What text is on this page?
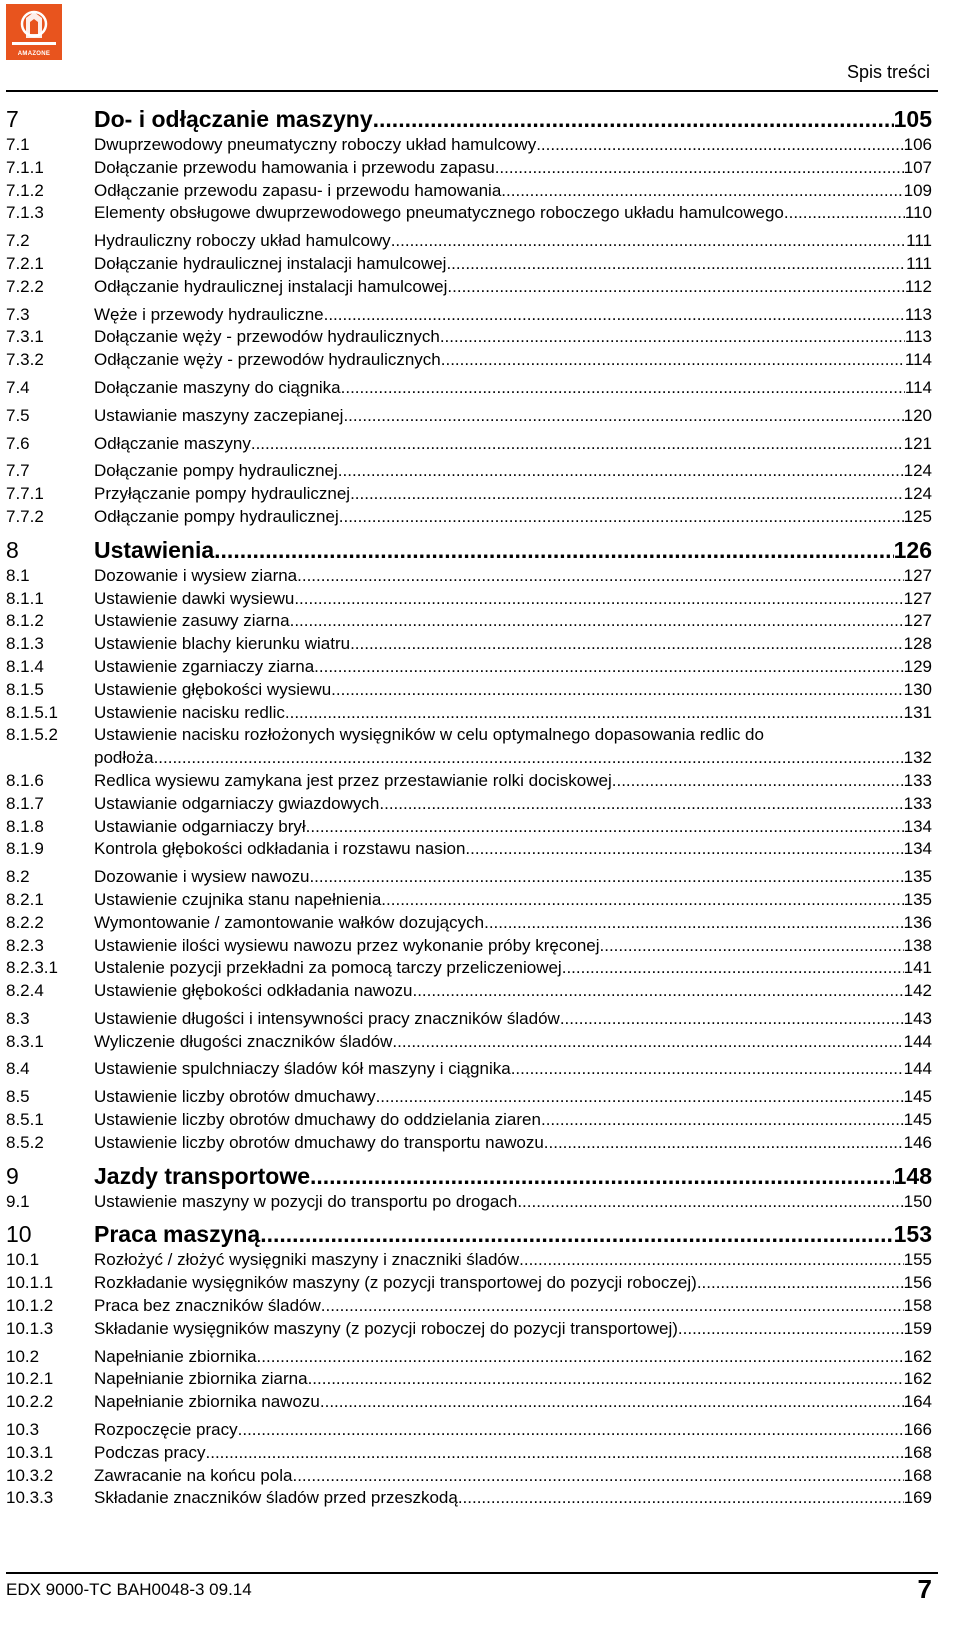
AMAZONE
Spis treści
7	Do- i odłączanie maszyny .....	105
7.1	Dwuprzewodowy pneumatyczny roboczy układ hamulcowy .....	106
7.1.1	Dołączanie przewodu hamowania i przewodu zapasu .....	107
7.1.2	Odłączanie przewodu zapasu- i przewodu hamowania .....	109
7.1.3	Elementy obsługowe dwuprzewodowego pneumatycznego roboczego układu hamulcowego .....	110
7.2	Hydrauliczny roboczy układ hamulcowy .....	111
7.2.1	Dołączanie hydraulicznej instalacji hamulcowej .....	111
7.2.2	Odłączanie hydraulicznej instalacji hamulcowej .....	112
7.3	Węże i przewody hydrauliczne .....	113
7.3.1	Dołączanie węży - przewodów hydraulicznych .....	113
7.3.2	Odłączanie węży - przewodów hydraulicznych .....	114
7.4	Dołączanie maszyny do ciągnika .....	114
7.5	Ustawianie maszyny zaczepianej .....	120
7.6	Odłączanie maszyny .....	121
7.7	Dołączanie pompy hydraulicznej .....	124
7.7.1	Przyłączanie pompy hydraulicznej .....	124
7.7.2	Odłączanie pompy hydraulicznej .....	125
8	Ustawienia .....	126
8.1	Dozowanie i wysiew ziarna .....	127
8.1.1	Ustawienie dawki wysiewu .....	127
8.1.2	Ustawienie zasuwy ziarna .....	127
8.1.3	Ustawienie blachy kierunku wiatru .....	128
8.1.4	Ustawienie zgarniaczy ziarna .....	129
8.1.5	Ustawienie głębokości wysiewu .....	130
8.1.5.1	Ustawienie nacisku redlic .....	131
8.1.5.2	Ustawienie nacisku rozłożonych wysięgników w celu optymalnego dopasowania redlic do
podłoża .....	132
8.1.6	Redlica wysiewu zamykana jest przez przestawianie rolki dociskowej .....	133
8.1.7	Ustawianie odgarniaczy gwiazdowych .....	133
8.1.8	Ustawianie odgarniaczy brył .....	134
8.1.9	Kontrola głębokości odkładania i rozstawu nasion .....	134
8.2	Dozowanie i wysiew nawozu .....	135
8.2.1	Ustawienie czujnika stanu napełnienia .....	135
8.2.2	Wymontowanie / zamontowanie wałków dozujących .....	136
8.2.3	Ustawienie ilości wysiewu nawozu przez wykonanie próby kręconej .....	138
8.2.3.1	Ustalenie pozycji przekładni za pomocą tarczy przeliczeniowej .....	141
8.2.4	Ustawienie głębokości odkładania nawozu .....	142
8.3	Ustawienie długości i intensywności pracy znaczników śladów .....	143
8.3.1	Wyliczenie długości znaczników śladów .....	144
8.4	Ustawienie spulchniaczy śladów kół maszyny i ciągnika .....	144
8.5	Ustawienie liczby obrotów dmuchawy .....	145
8.5.1	Ustawienie liczby obrotów dmuchawy do oddzielania ziaren .....	145
8.5.2	Ustawienie liczby obrotów dmuchawy do transportu nawozu .....	146
9	Jazdy transportowe .....	148
9.1	Ustawienie maszyny w pozycji do transportu po drogach .....	150
10	Praca maszyną .....	153
10.1	Rozłożyć / złożyć wysięgniki maszyny i znaczniki śladów .....	155
10.1.1	Rozkładanie wysięgników maszyny (z pozycji transportowej do pozycji roboczej) .....	156
10.1.2	Praca bez znaczników śladów .....	158
10.1.3	Składanie wysięgników maszyny (z pozycji roboczej do pozycji transportowej) .....	159
10.2	Napełnianie zbiornika .....	162
10.2.1	Napełnianie zbiornika ziarna .....	162
10.2.2	Napełnianie zbiornika nawozu .....	164
10.3	Rozpoczęcie pracy .....	166
10.3.1	Podczas pracy .....	168
10.3.2	Zawracanie na końcu pola .....	168
10.3.3	Składanie znaczników śladów przed przeszkodą .....	169
EDX 9000-TC BAH0048-3 09.14	7
